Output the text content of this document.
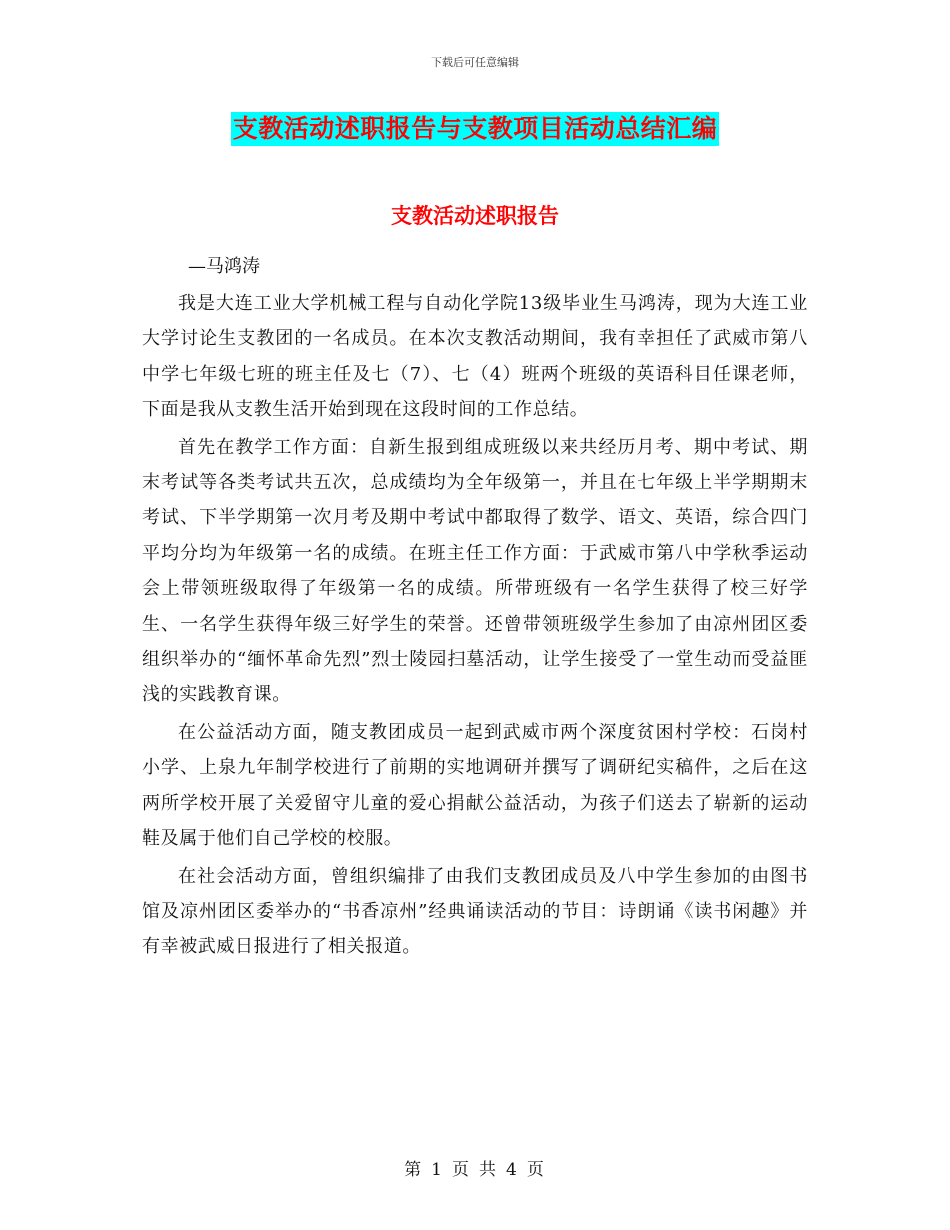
下载后可任意编辑
支教活动述职报告与支教项目活动总结汇编
支教活动述职报告
—马鸿涛

我是大连工业大学机械工程与自动化学院13级毕业生马鸿涛，现为大连工业大学讨论生支教团的一名成员。在本次支教活动期间，我有幸担任了武威市第八中学七年级七班的班主任及七（7）、七（4）班两个班级的英语科目任课老师，下面是我从支教生活开始到现在这段时间的工作总结。

首先在教学工作方面：自新生报到组成班级以来共经历月考、期中考试、期末考试等各类考试共五次，总成绩均为全年级第一，并且在七年级上半学期期末考试、下半学期第一次月考及期中考试中都取得了数学、语文、英语，综合四门平均分均为年级第一名的成绩。在班主任工作方面：于武威市第八中学秋季运动会上带领班级取得了年级第一名的成绩。所带班级有一名学生获得了校三好学生、一名学生获得年级三好学生的荣誉。还曾带领班级学生参加了由凉州团区委组织举办的“缅怀革命先烈”烈士陵园扫墓活动，让学生接受了一堂生动而受益匪浅的实践教育课。

在公益活动方面，随支教团成员一起到武威市两个深度贫困村学校：石岗村小学、上泉九年制学校进行了前期的实地调研并撰写了调研纪实稿件，之后在这两所学校开展了关爱留守儿童的爱心捐献公益活动，为孩子们送去了崭新的运动鞋及属于他们自己学校的校服。

在社会活动方面，曾组织编排了由我们支教团成员及八中学生参加的由图书馆及凉州团区委举办的“书香凉州”经典诵读活动的节目：诗朗诵《读书闲趣》并有幸被武威日报进行了相关报道。

第 1 页 共 4 页
